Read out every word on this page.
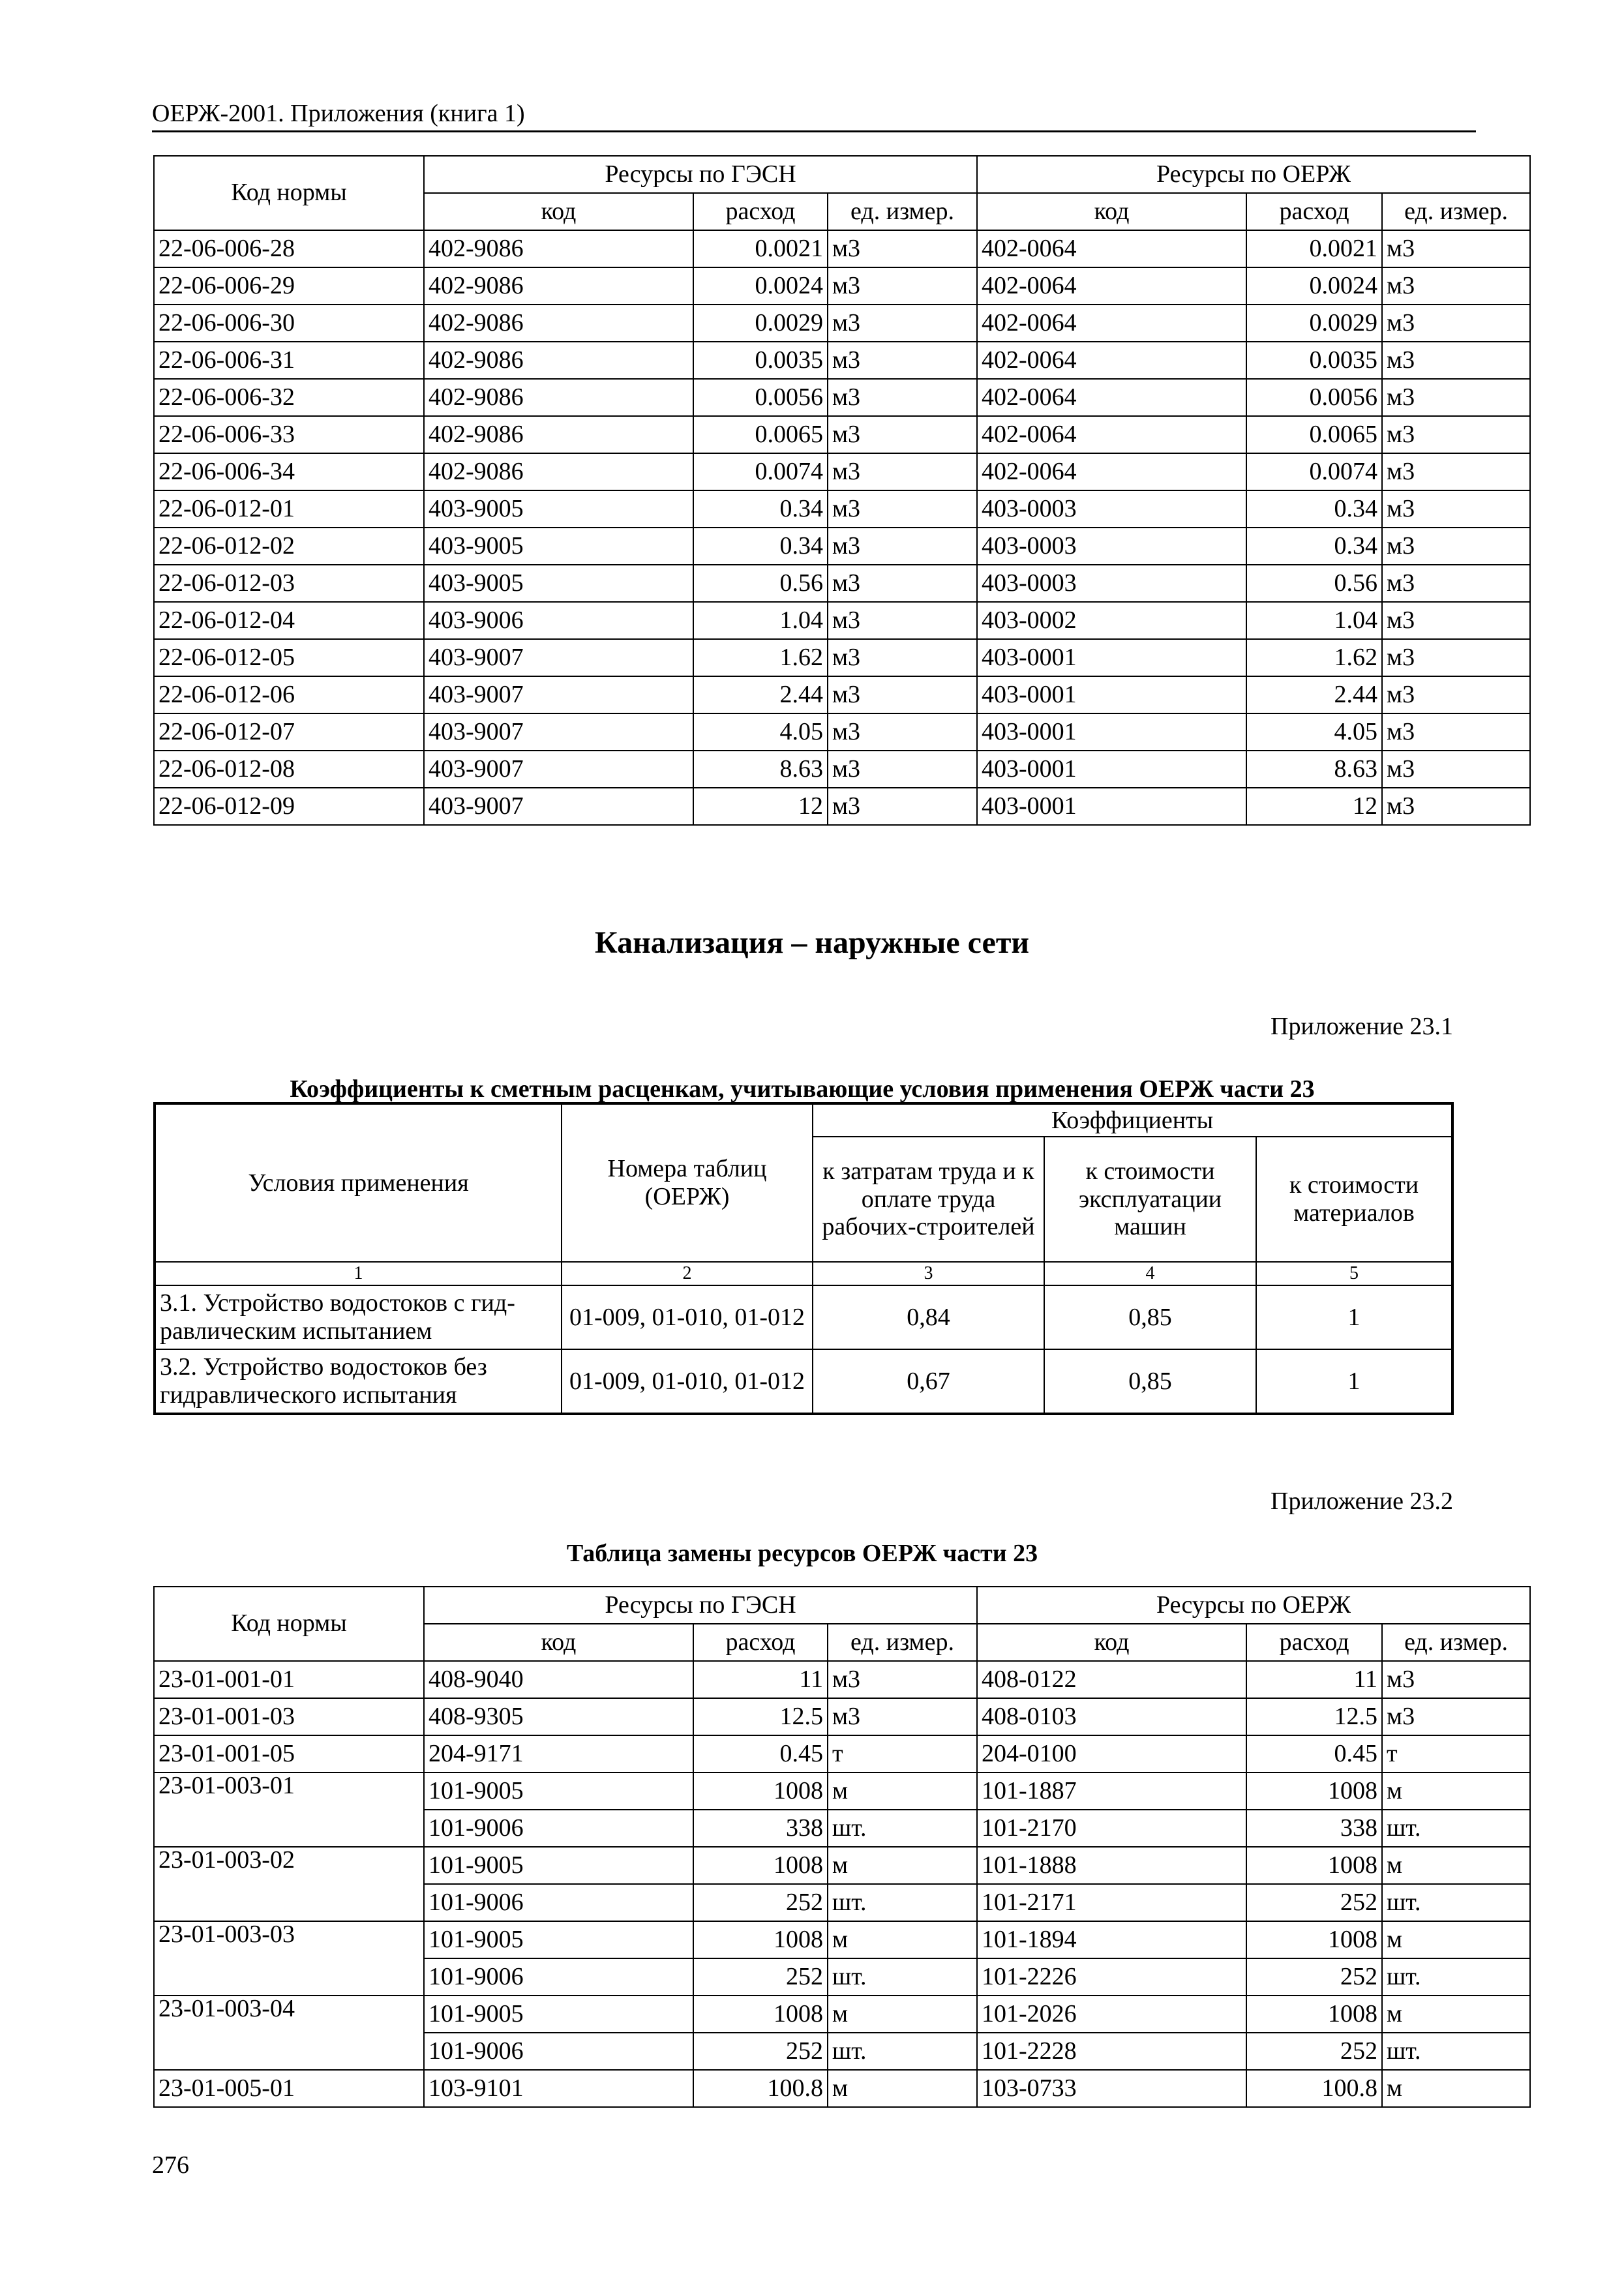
ОЕРЖ-2001. Приложения (книга 1)
Код нормы	Ресурсы по ГЭСН			Ресурсы по ОЕРЖ		
	код	расход	ед. измер.	код	расход	ед. измер.
22-06-006-28	402-9086	0.0021	м3	402-0064	0.0021	м3
22-06-006-29	402-9086	0.0024	м3	402-0064	0.0024	м3
22-06-006-30	402-9086	0.0029	м3	402-0064	0.0029	м3
22-06-006-31	402-9086	0.0035	м3	402-0064	0.0035	м3
22-06-006-32	402-9086	0.0056	м3	402-0064	0.0056	м3
22-06-006-33	402-9086	0.0065	м3	402-0064	0.0065	м3
22-06-006-34	402-9086	0.0074	м3	402-0064	0.0074	м3
22-06-012-01	403-9005	0.34	м3	403-0003	0.34	м3
22-06-012-02	403-9005	0.34	м3	403-0003	0.34	м3
22-06-012-03	403-9005	0.56	м3	403-0003	0.56	м3
22-06-012-04	403-9006	1.04	м3	403-0002	1.04	м3
22-06-012-05	403-9007	1.62	м3	403-0001	1.62	м3
22-06-012-06	403-9007	2.44	м3	403-0001	2.44	м3
22-06-012-07	403-9007	4.05	м3	403-0001	4.05	м3
22-06-012-08	403-9007	8.63	м3	403-0001	8.63	м3
22-06-012-09	403-9007	12	м3	403-0001	12	м3
Канализация – наружные сети
Приложение 23.1
Коэффициенты к сметным расценкам, учитывающие условия применения ОЕРЖ части 23
Условия применения	Номера таблиц (ОЕРЖ)	Коэффициенты		
		к затратам труда и к оплате труда рабочих-строителей	к стоимости эксплуатации машин	к стоимости материалов
1	2	3	4	5
3.1. Устройство водостоков с гид-равлическим испытанием	01-009, 01-010, 01-012	0,84	0,85	1
3.2. Устройство водостоков без гидравлического испытания	01-009, 01-010, 01-012	0,67	0,85	1
Приложение 23.2
Таблица замены ресурсов ОЕРЖ части 23
Код нормы	Ресурсы по ГЭСН			Ресурсы по ОЕРЖ		
	код	расход	ед. измер.	код	расход	ед. измер.
23-01-001-01	408-9040	11	м3	408-0122	11	м3
23-01-001-03	408-9305	12.5	м3	408-0103	12.5	м3
23-01-001-05	204-9171	0.45	т	204-0100	0.45	т
23-01-003-01	101-9005	1008	м	101-1887	1008	м
	101-9006	338	шт.	101-2170	338	шт.
23-01-003-02	101-9005	1008	м	101-1888	1008	м
	101-9006	252	шт.	101-2171	252	шт.
23-01-003-03	101-9005	1008	м	101-1894	1008	м
	101-9006	252	шт.	101-2226	252	шт.
23-01-003-04	101-9005	1008	м	101-2026	1008	м
	101-9006	252	шт.	101-2228	252	шт.
23-01-005-01	103-9101	100.8	м	103-0733	100.8	м
276
